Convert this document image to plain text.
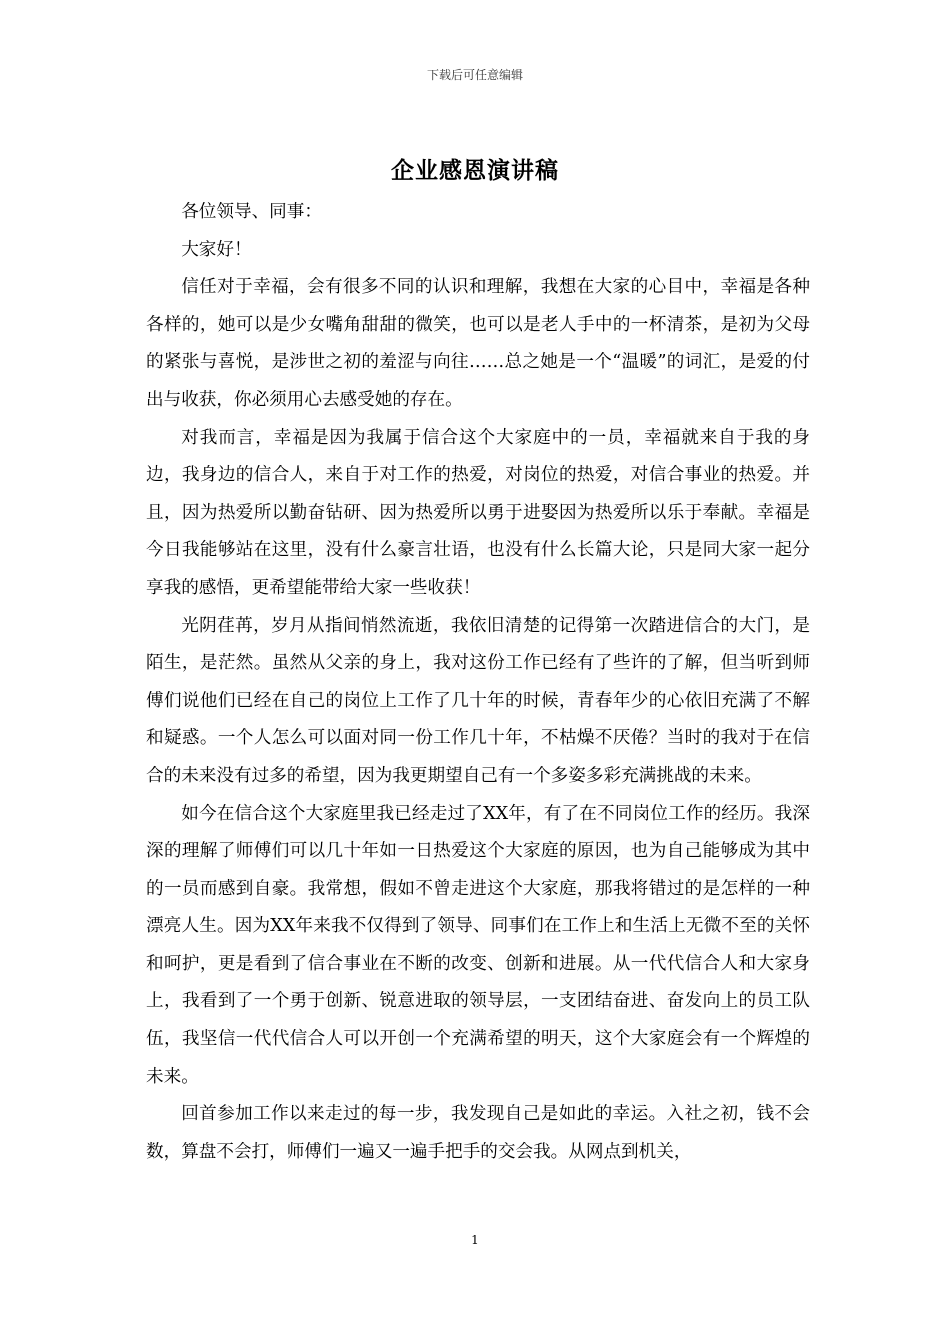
下载后可任意编辑
企业感恩演讲稿

各位领导、同事：

大家好！

信任对于幸福，会有很多不同的认识和理解，我想在大家的心目中，幸福是各种各样的，她可以是少女嘴角甜甜的微笑，也可以是老人手中的一杯清茶，是初为父母的紧张与喜悦，是涉世之初的羞涩与向往……总之她是一个“温暖”的词汇，是爱的付出与收获，你必须用心去感受她的存在。

对我而言，幸福是因为我属于信合这个大家庭中的一员，幸福就来自于我的身边，我身边的信合人，来自于对工作的热爱，对岗位的热爱，对信合事业的热爱。并且，因为热爱所以勤奋钻研、因为热爱所以勇于进娶因为热爱所以乐于奉献。幸福是今日我能够站在这里，没有什么豪言壮语，也没有什么长篇大论，只是同大家一起分享我的感悟，更希望能带给大家一些收获！

光阴荏苒，岁月从指间悄然流逝，我依旧清楚的记得第一次踏进信合的大门，是陌生，是茫然。虽然从父亲的身上，我对这份工作已经有了些许的了解，但当听到师傅们说他们已经在自己的岗位上工作了几十年的时候，青春年少的心依旧充满了不解和疑惑。一个人怎么可以面对同一份工作几十年，不枯燥不厌倦？当时的我对于在信合的未来没有过多的希望，因为我更期望自己有一个多姿多彩充满挑战的未来。

如今在信合这个大家庭里我已经走过了XX年，有了在不同岗位工作的经历。我深深的理解了师傅们可以几十年如一日热爱这个大家庭的原因，也为自己能够成为其中的一员而感到自豪。我常想，假如不曾走进这个大家庭，那我将错过的是怎样的一种漂亮人生。因为XX年来我不仅得到了领导、同事们在工作上和生活上无微不至的关怀和呵护，更是看到了信合事业在不断的改变、创新和进展。从一代代信合人和大家身上，我看到了一个勇于创新、锐意进取的领导层，一支团结奋进、奋发向上的员工队伍，我坚信一代代信合人可以开创一个充满希望的明天，这个大家庭会有一个辉煌的未来。

回首参加工作以来走过的每一步，我发现自己是如此的幸运。入社之初，钱不会数，算盘不会打，师傅们一遍又一遍手把手的交会我。从网点到机关，

1
